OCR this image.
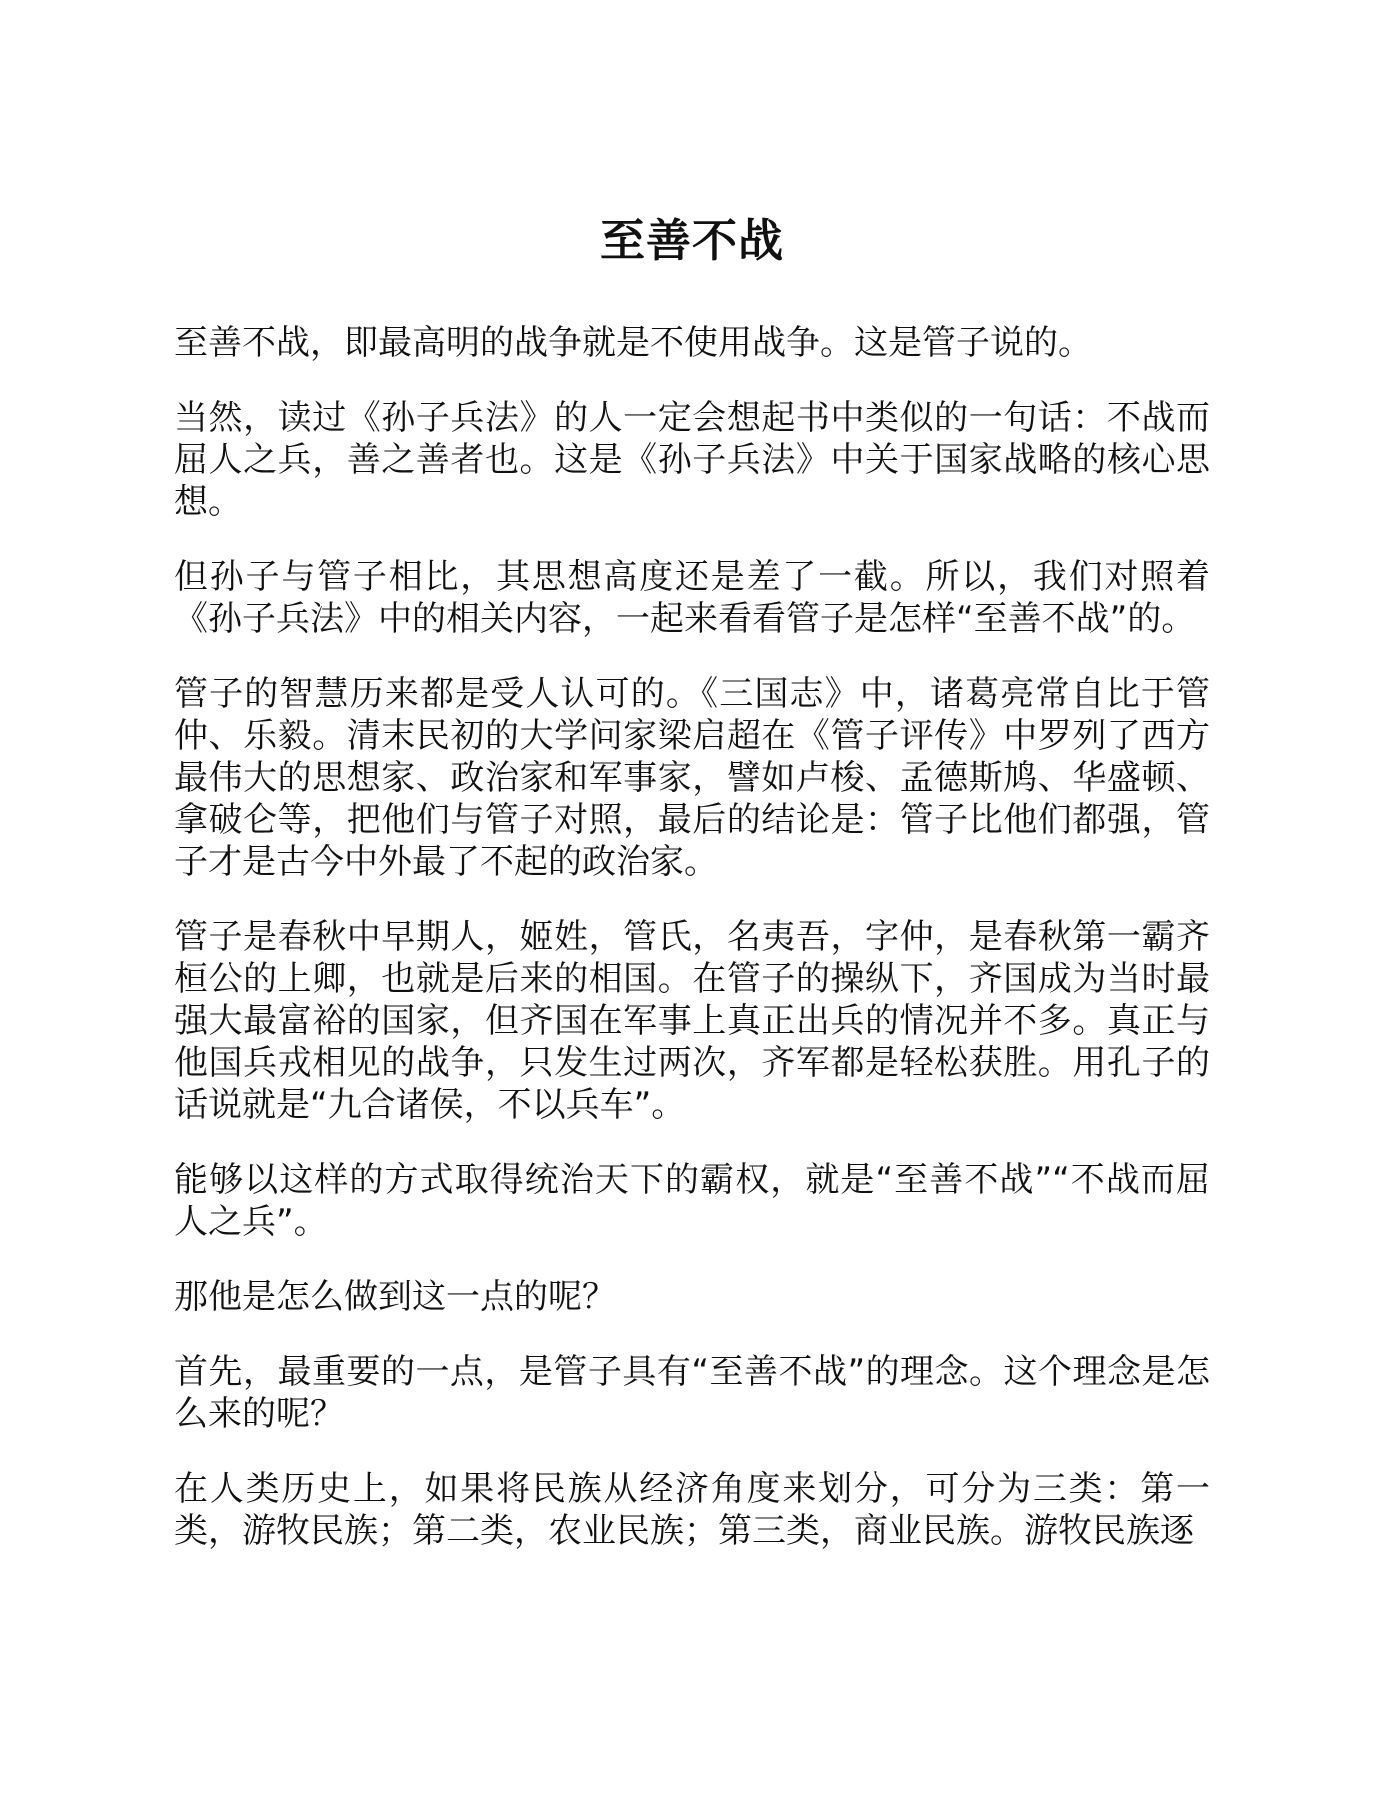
至善不战

至善不战，即最高明的战争就是不使用战争。这是管子说的。

当然，读过《孙子兵法》的人一定会想起书中类似的一句话：不战而屈人之兵，善之善者也。这是《孙子兵法》中关于国家战略的核心思想。

但孙子与管子相比，其思想高度还是差了一截。所以，我们对照着《孙子兵法》中的相关内容，一起来看看管子是怎样“至善不战”的。

管子的智慧历来都是受人认可的。《三国志》中，诸葛亮常自比于管仲、乐毅。清末民初的大学问家梁启超在《管子评传》中罗列了西方最伟大的思想家、政治家和军事家，譬如卢梭、孟德斯鸠、华盛顿、拿破仑等，把他们与管子对照，最后的结论是：管子比他们都强，管子才是古今中外最了不起的政治家。

管子是春秋中早期人，姬姓，管氏，名夷吾，字仲，是春秋第一霸齐桓公的上卿，也就是后来的相国。在管子的操纵下，齐国成为当时最强大最富裕的国家，但齐国在军事上真正出兵的情况并不多。真正与他国兵戎相见的战争，只发生过两次，齐军都是轻松获胜。用孔子的话说就是“九合诸侯，不以兵车”。

能够以这样的方式取得统治天下的霸权，就是“至善不战”“不战而屈人之兵”。

那他是怎么做到这一点的呢？

首先，最重要的一点，是管子具有“至善不战”的理念。这个理念是怎么来的呢？

在人类历史上，如果将民族从经济角度来划分，可分为三类：第一类，游牧民族；第二类，农业民族；第三类，商业民族。游牧民族逐
